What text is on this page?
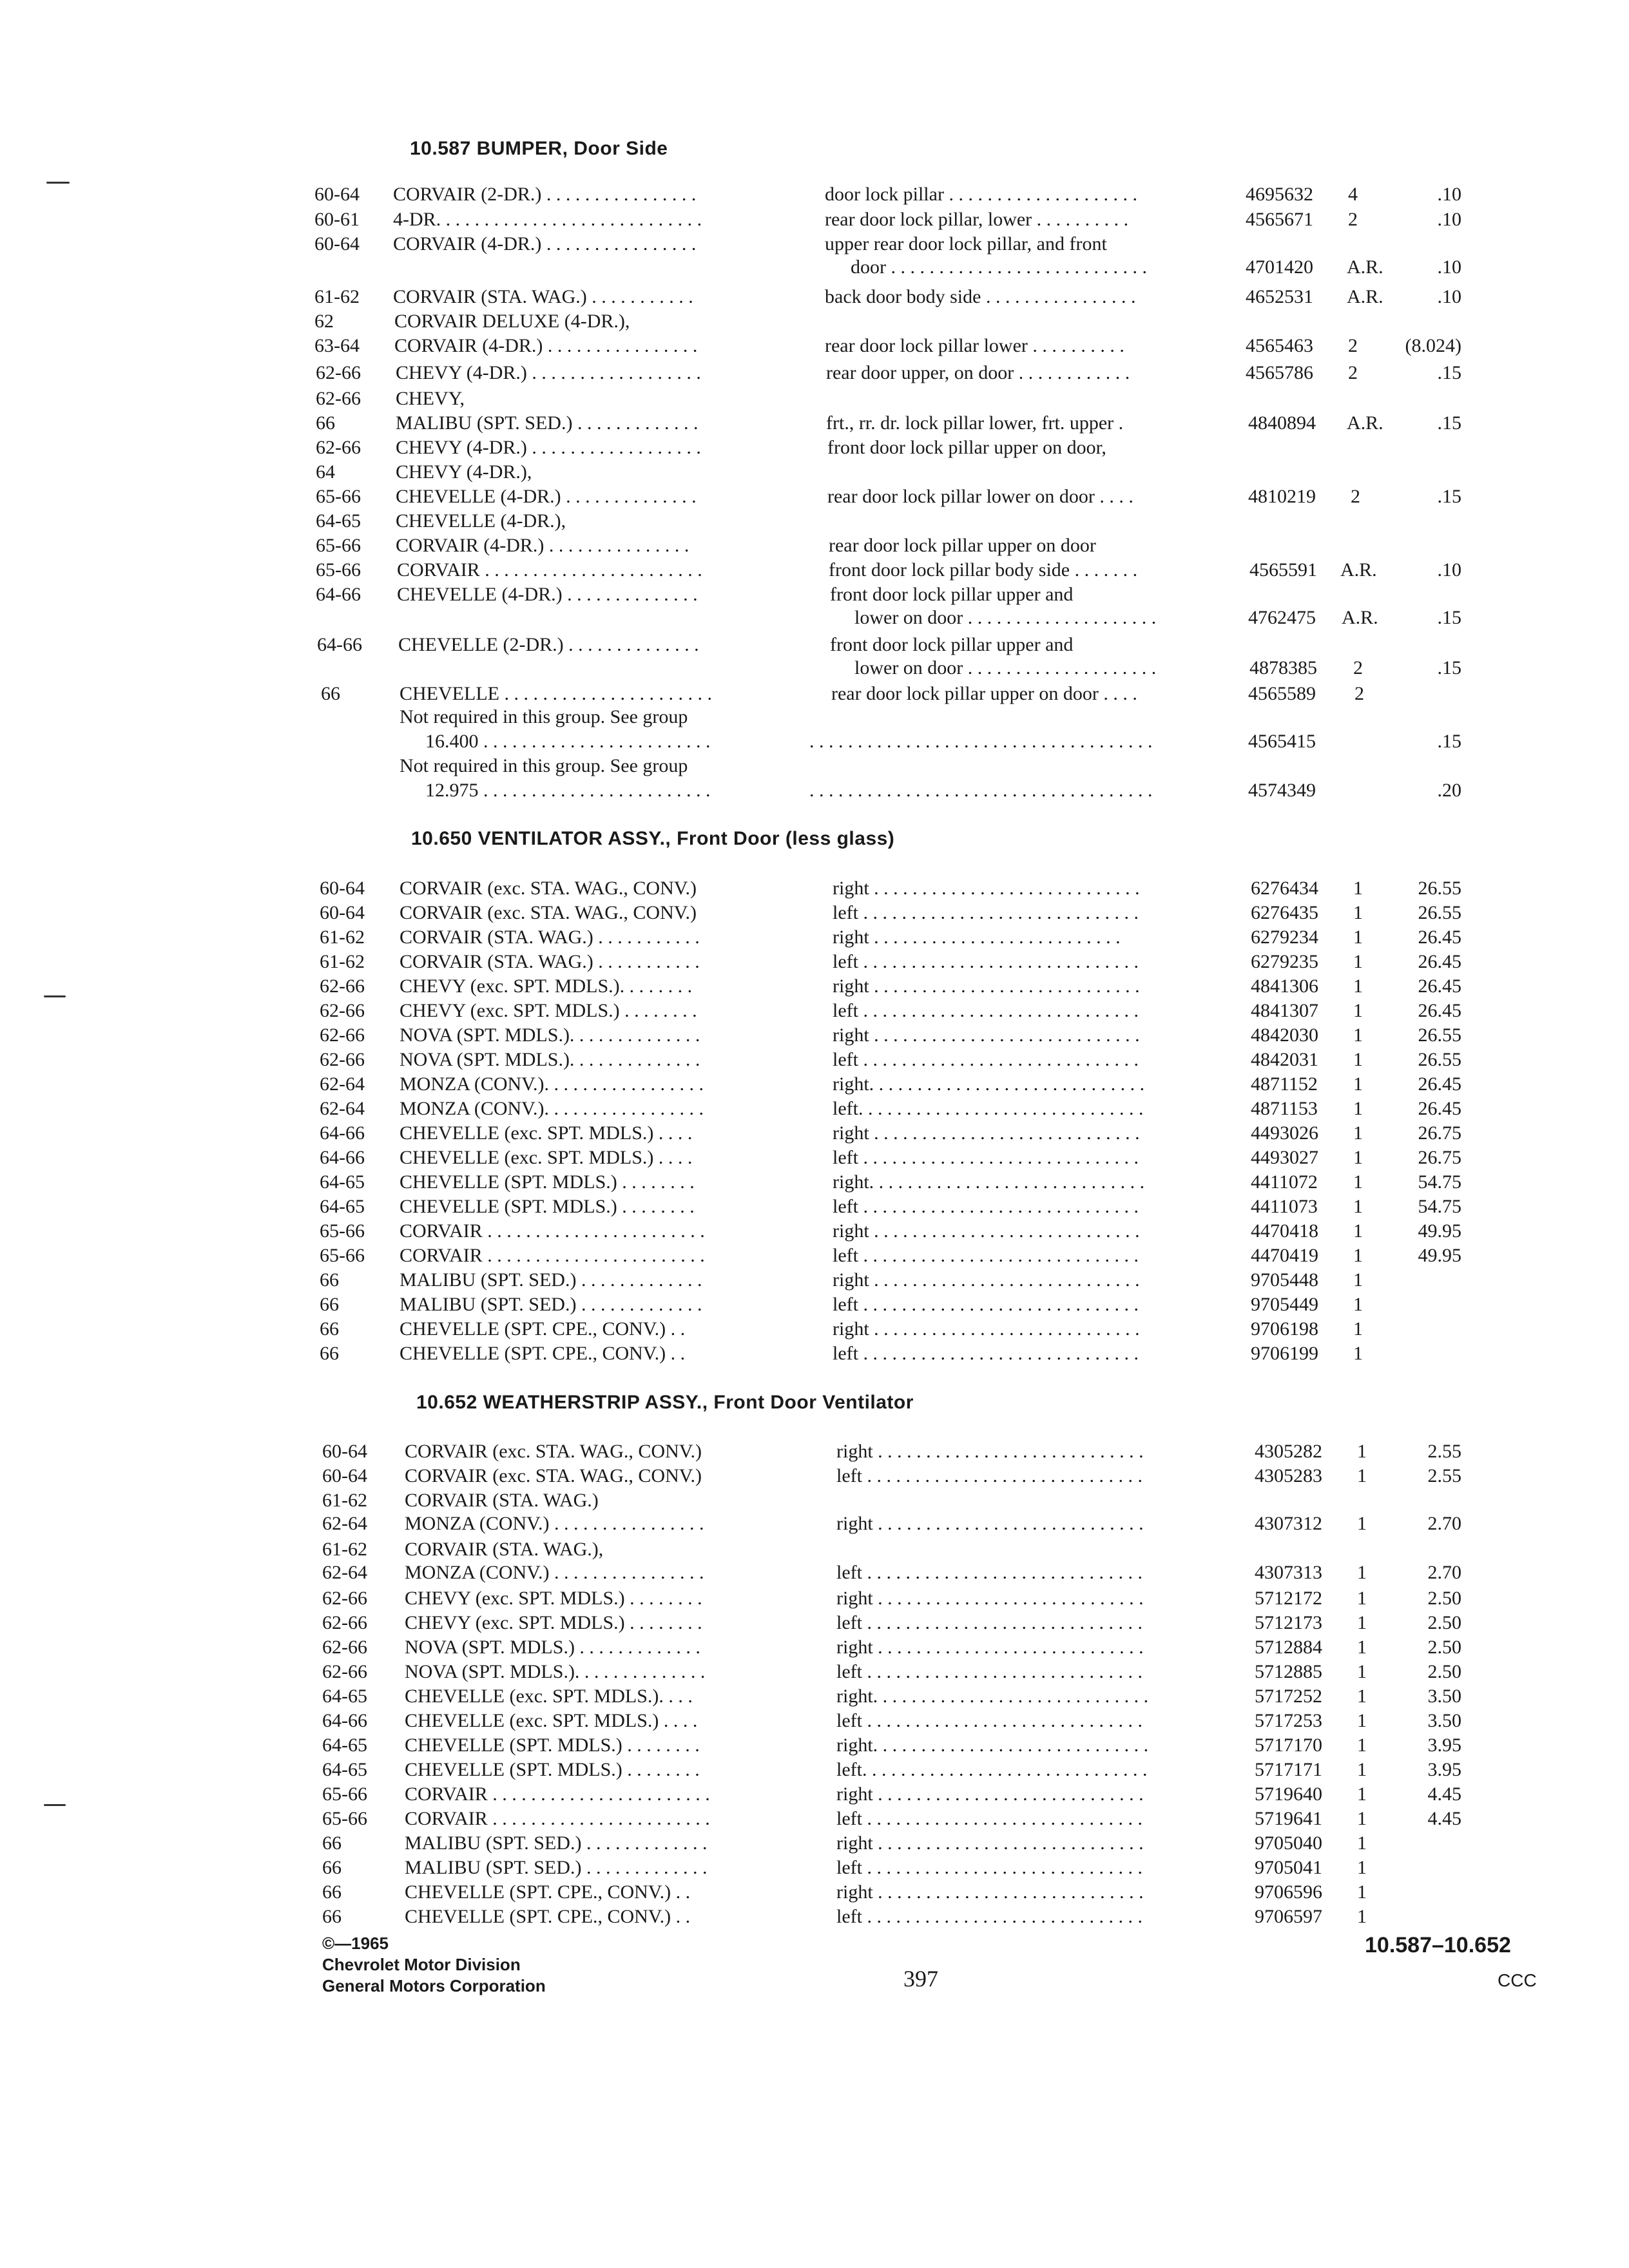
10.587 BUMPER, Door Side
60-64 CORVAIR (2-DR.) . . . . . . . . . . . . . . . .	door lock pillar . . . . . . . . . . . . . . . . . . . .	4695632 4	.10
60-61 4-DR. . . . . . . . . . . . . . . . . . . . . . . . . . . .	rear door lock pillar, lower . . . . . . . . . .	4565671 2	.10
60-64 CORVAIR (4-DR.) . . . . . . . . . . . . . . . .	upper rear door lock pillar, and front
door . . . . . . . . . . . . . . . . . . . . . . . . . . .	4701420 A.R.	.10
61-62 CORVAIR (STA. WAG.) . . . . . . . . . . .	back door body side . . . . . . . . . . . . . . . .	4652531 A.R.	.10
62	CORVAIR DELUXE (4-DR.),
63-64 CORVAIR (4-DR.) . . . . . . . . . . . . . . . .	rear door lock pillar lower . . . . . . . . . .	4565463 2 (8.024)
62-66 CHEVY (4-DR.) . . . . . . . . . . . . . . . . . .	rear door upper, on door . . . . . . . . . . . .	4565786 2	.15
62-66 CHEVY,
66	MALIBU (SPT. SED.) . . . . . . . . . . . . .	frt., rr. dr. lock pillar lower, frt. upper .	4840894 A.R.	.15
62-66 CHEVY (4-DR.) . . . . . . . . . . . . . . . . . .	front door lock pillar upper on door,
64	CHEVY (4-DR.),
65-66 CHEVELLE (4-DR.) . . . . . . . . . . . . . .	rear door lock pillar lower on door . . . .	4810219 2	.15
64-65 CHEVELLE (4-DR.),
65-66 CORVAIR (4-DR.) . . . . . . . . . . . . . . .	rear door lock pillar upper on door
65-66 CORVAIR . . . . . . . . . . . . . . . . . . . . . . .	front door lock pillar body side . . . . . . .	4565591 A.R.	.10
64-66 CHEVELLE (4-DR.) . . . . . . . . . . . . . .	front door lock pillar upper and
lower on door . . . . . . . . . . . . . . . . . . . .	4762475 A.R.	.15
64-66 CHEVELLE (2-DR.) . . . . . . . . . . . . . .	front door lock pillar upper and
lower on door . . . . . . . . . . . . . . . . . . . .	4878385 2	.15
66	CHEVELLE . . . . . . . . . . . . . . . . . . . . . .	rear door lock pillar upper on door . . . .	4565589 2
Not required in this group. See group
16.400 . . . . . . . . . . . . . . . . . . . . . . . .	. . . . . . . . . . . . . . . . . . . . . . . . . . . . . . . . . . . .	4565415	.15
Not required in this group. See group
12.975 . . . . . . . . . . . . . . . . . . . . . . . .	. . . . . . . . . . . . . . . . . . . . . . . . . . . . . . . . . . . .	4574349	.20
10.650 VENTILATOR ASSY., Front Door (less glass)
60-64 CORVAIR (exc. STA. WAG., CONV.)	right . . . . . . . . . . . . . . . . . . . . . . . . . . . .	6276434 1	26.55
60-64 CORVAIR (exc. STA. WAG., CONV.)	left . . . . . . . . . . . . . . . . . . . . . . . . . . . . .	6276435 1	26.55
61-62 CORVAIR (STA. WAG.) . . . . . . . . . . .	right . . . . . . . . . . . . . . . . . . . . . . . . . .	6279234 1	26.45
61-62 CORVAIR (STA. WAG.) . . . . . . . . . . .	left . . . . . . . . . . . . . . . . . . . . . . . . . . . . .	6279235 1	26.45
62-66 CHEVY (exc. SPT. MDLS.). . . . . . . .	right . . . . . . . . . . . . . . . . . . . . . . . . . . . .	4841306 1	26.45
62-66 CHEVY (exc. SPT. MDLS.) . . . . . . . .	left . . . . . . . . . . . . . . . . . . . . . . . . . . . . .	4841307 1	26.45
62-66 NOVA (SPT. MDLS.). . . . . . . . . . . . . .	right . . . . . . . . . . . . . . . . . . . . . . . . . . . .	4842030 1	26.55
62-66 NOVA (SPT. MDLS.). . . . . . . . . . . . . .	left . . . . . . . . . . . . . . . . . . . . . . . . . . . . .	4842031 1	26.55
62-64 MONZA (CONV.). . . . . . . . . . . . . . . . .	right. . . . . . . . . . . . . . . . . . . . . . . . . . . . .	4871152 1	26.45
62-64 MONZA (CONV.). . . . . . . . . . . . . . . . .	left. . . . . . . . . . . . . . . . . . . . . . . . . . . . . .	4871153 1	26.45
64-66 CHEVELLE (exc. SPT. MDLS.) . . . .	right . . . . . . . . . . . . . . . . . . . . . . . . . . . .	4493026 1	26.75
64-66 CHEVELLE (exc. SPT. MDLS.) . . . .	left . . . . . . . . . . . . . . . . . . . . . . . . . . . . .	4493027 1	26.75
64-65 CHEVELLE (SPT. MDLS.) . . . . . . . .	right. . . . . . . . . . . . . . . . . . . . . . . . . . . . .	4411072 1	54.75
64-65 CHEVELLE (SPT. MDLS.) . . . . . . . .	left . . . . . . . . . . . . . . . . . . . . . . . . . . . . .	4411073 1	54.75
65-66 CORVAIR . . . . . . . . . . . . . . . . . . . . . . .	right . . . . . . . . . . . . . . . . . . . . . . . . . . . .	4470418 1	49.95
65-66 CORVAIR . . . . . . . . . . . . . . . . . . . . . . .	left . . . . . . . . . . . . . . . . . . . . . . . . . . . . .	4470419 1	49.95
66	MALIBU (SPT. SED.) . . . . . . . . . . . . .	right . . . . . . . . . . . . . . . . . . . . . . . . . . . .	9705448 1
66	MALIBU (SPT. SED.) . . . . . . . . . . . . .	left . . . . . . . . . . . . . . . . . . . . . . . . . . . . .	9705449 1
66	CHEVELLE (SPT. CPE., CONV.) . .	right . . . . . . . . . . . . . . . . . . . . . . . . . . . .	9706198 1
66	CHEVELLE (SPT. CPE., CONV.) . .	left . . . . . . . . . . . . . . . . . . . . . . . . . . . . .	9706199 1
10.652 WEATHERSTRIP ASSY., Front Door Ventilator
60-64 CORVAIR (exc. STA. WAG., CONV.)	right . . . . . . . . . . . . . . . . . . . . . . . . . . . .	4305282 1	2.55
60-64 CORVAIR (exc. STA. WAG., CONV.)	left . . . . . . . . . . . . . . . . . . . . . . . . . . . . .	4305283 1	2.55
61-62 CORVAIR (STA. WAG.)
62-64 MONZA (CONV.) . . . . . . . . . . . . . . . .	right . . . . . . . . . . . . . . . . . . . . . . . . . . . .	4307312 1	2.70
61-62 CORVAIR (STA. WAG.),
62-64 MONZA (CONV.) . . . . . . . . . . . . . . . .	left . . . . . . . . . . . . . . . . . . . . . . . . . . . . .	4307313 1	2.70
62-66 CHEVY (exc. SPT. MDLS.) . . . . . . . .	right . . . . . . . . . . . . . . . . . . . . . . . . . . . .	5712172 1	2.50
62-66 CHEVY (exc. SPT. MDLS.) . . . . . . . .	left . . . . . . . . . . . . . . . . . . . . . . . . . . . . .	5712173 1	2.50
62-66 NOVA (SPT. MDLS.) . . . . . . . . . . . . .	right . . . . . . . . . . . . . . . . . . . . . . . . . . . .	5712884 1	2.50
62-66 NOVA (SPT. MDLS.). . . . . . . . . . . . . .	left . . . . . . . . . . . . . . . . . . . . . . . . . . . . .	5712885 1	2.50
64-65 CHEVELLE (exc. SPT. MDLS.). . . .	right. . . . . . . . . . . . . . . . . . . . . . . . . . . . .	5717252 1	3.50
64-66 CHEVELLE (exc. SPT. MDLS.) . . . .	left . . . . . . . . . . . . . . . . . . . . . . . . . . . . .	5717253 1	3.50
64-65 CHEVELLE (SPT. MDLS.) . . . . . . . .	right. . . . . . . . . . . . . . . . . . . . . . . . . . . . .	5717170 1	3.95
64-65 CHEVELLE (SPT. MDLS.) . . . . . . . .	left. . . . . . . . . . . . . . . . . . . . . . . . . . . . . .	5717171 1	3.95
65-66 CORVAIR . . . . . . . . . . . . . . . . . . . . . . .	right . . . . . . . . . . . . . . . . . . . . . . . . . . . .	5719640 1	4.45
65-66 CORVAIR . . . . . . . . . . . . . . . . . . . . . . .	left . . . . . . . . . . . . . . . . . . . . . . . . . . . . .	5719641 1	4.45
66	MALIBU (SPT. SED.) . . . . . . . . . . . . .	right . . . . . . . . . . . . . . . . . . . . . . . . . . . .	9705040 1
66	MALIBU (SPT. SED.) . . . . . . . . . . . . .	left . . . . . . . . . . . . . . . . . . . . . . . . . . . . .	9705041 1
66	CHEVELLE (SPT. CPE., CONV.) . .	right . . . . . . . . . . . . . . . . . . . . . . . . . . . .	9706596 1
66	CHEVELLE (SPT. CPE., CONV.) . .	left . . . . . . . . . . . . . . . . . . . . . . . . . . . . .	9706597 1
©—1965
Chevrolet Motor Division
General Motors Corporation	397
10.587–10.652
CCC
